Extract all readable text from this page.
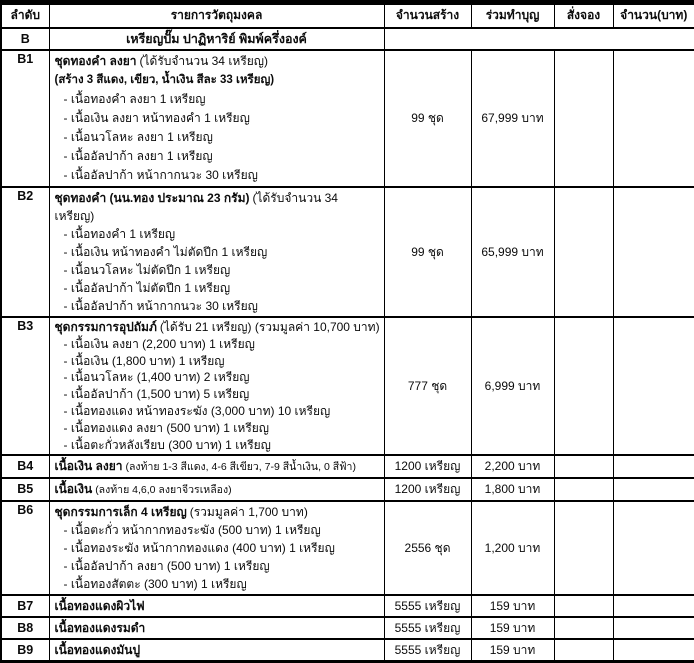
ลำดับ	รายการวัตถุมงคล	จำนวนสร้าง	ร่วมทำบุญ	สั่งจอง	จำนวน(บาท)
B	เหรียญปั๊ม ปาฏิหาริย์ พิมพ์ครึ่งองค์				
B1	ชุดทองคำ ลงยา (ได้รับจำนวน 34 เหรียญ)
(สร้าง 3 สีแดง, เขียว, น้ำเงิน สีละ 33 เหรียญ)
- เนื้อทองคำ ลงยา 1 เหรียญ
- เนื้อเงิน ลงยา หน้าทองคำ 1 เหรียญ
- เนื้อนวโลหะ ลงยา 1 เหรียญ
- เนื้ออัลปาก้า ลงยา 1 เหรียญ
- เนื้ออัลปาก้า หน้ากากนวะ 30 เหรียญ
	99 ชุด	67,999 บาท		
B2	ชุดทองคำ (นน.ทอง ประมาณ 23 กรัม) (ได้รับจำนวน 34 เหรียญ)
- เนื้อทองคำ 1 เหรียญ
- เนื้อเงิน หน้าทองคำ ไม่ตัดปีก 1 เหรียญ
- เนื้อนวโลหะ ไม่ตัดปีก 1 เหรียญ
- เนื้ออัลปาก้า ไม่ตัดปีก 1 เหรียญ
- เนื้ออัลปาก้า หน้ากากนวะ 30 เหรียญ
	99 ชุด	65,999 บาท		
B3	ชุดกรรมการอุปถัมภ์ (ได้รับ 21 เหรียญ) (รวมมูลค่า 10,700 บาท)
- เนื้อเงิน ลงยา (2,200 บาท) 1 เหรียญ
- เนื้อเงิน (1,800 บาท) 1 เหรียญ
- เนื้อนวโลหะ (1,400 บาท) 2 เหรียญ
- เนื้ออัลปาก้า (1,500 บาท) 5 เหรียญ
- เนื้อทองแดง หน้าทองระฆัง (3,000 บาท) 10 เหรียญ
- เนื้อทองแดง ลงยา (500 บาท) 1 เหรียญ
- เนื้อตะกั่วหลังเรียบ (300 บาท) 1 เหรียญ
	777 ชุด	6,999 บาท		
B4	เนื้อเงิน ลงยา (ลงท้าย 1-3 สีแดง, 4-6 สีเขียว, 7-9 สีน้ำเงิน, 0 สีฟ้า)	1200 เหรียญ	2,200 บาท		
B5	เนื้อเงิน (ลงท้าย 4,6,0 ลงยาจีวรเหลือง)	1200 เหรียญ	1,800 บาท		
B6	ชุดกรรมการเล็ก 4 เหรียญ (รวมมูลค่า 1,700 บาท)
- เนื้อตะกั่ว หน้ากากทองระฆัง (500 บาท) 1 เหรียญ
- เนื้อทองระฆัง หน้ากากทองแดง (400 บาท) 1 เหรียญ
- เนื้ออัลปาก้า ลงยา (500 บาท) 1 เหรียญ
- เนื้อทองสัตตะ (300 บาท) 1 เหรียญ	2556 ชุด	1,200 บาท		
B7	เนื้อทองแดงผิวไฟ	5555 เหรียญ	159 บาท		
B8	เนื้อทองแดงรมดำ	5555 เหรียญ	159 บาท		
B9	เนื้อทองแดงมันปู	5555 เหรียญ	159 บาท		
